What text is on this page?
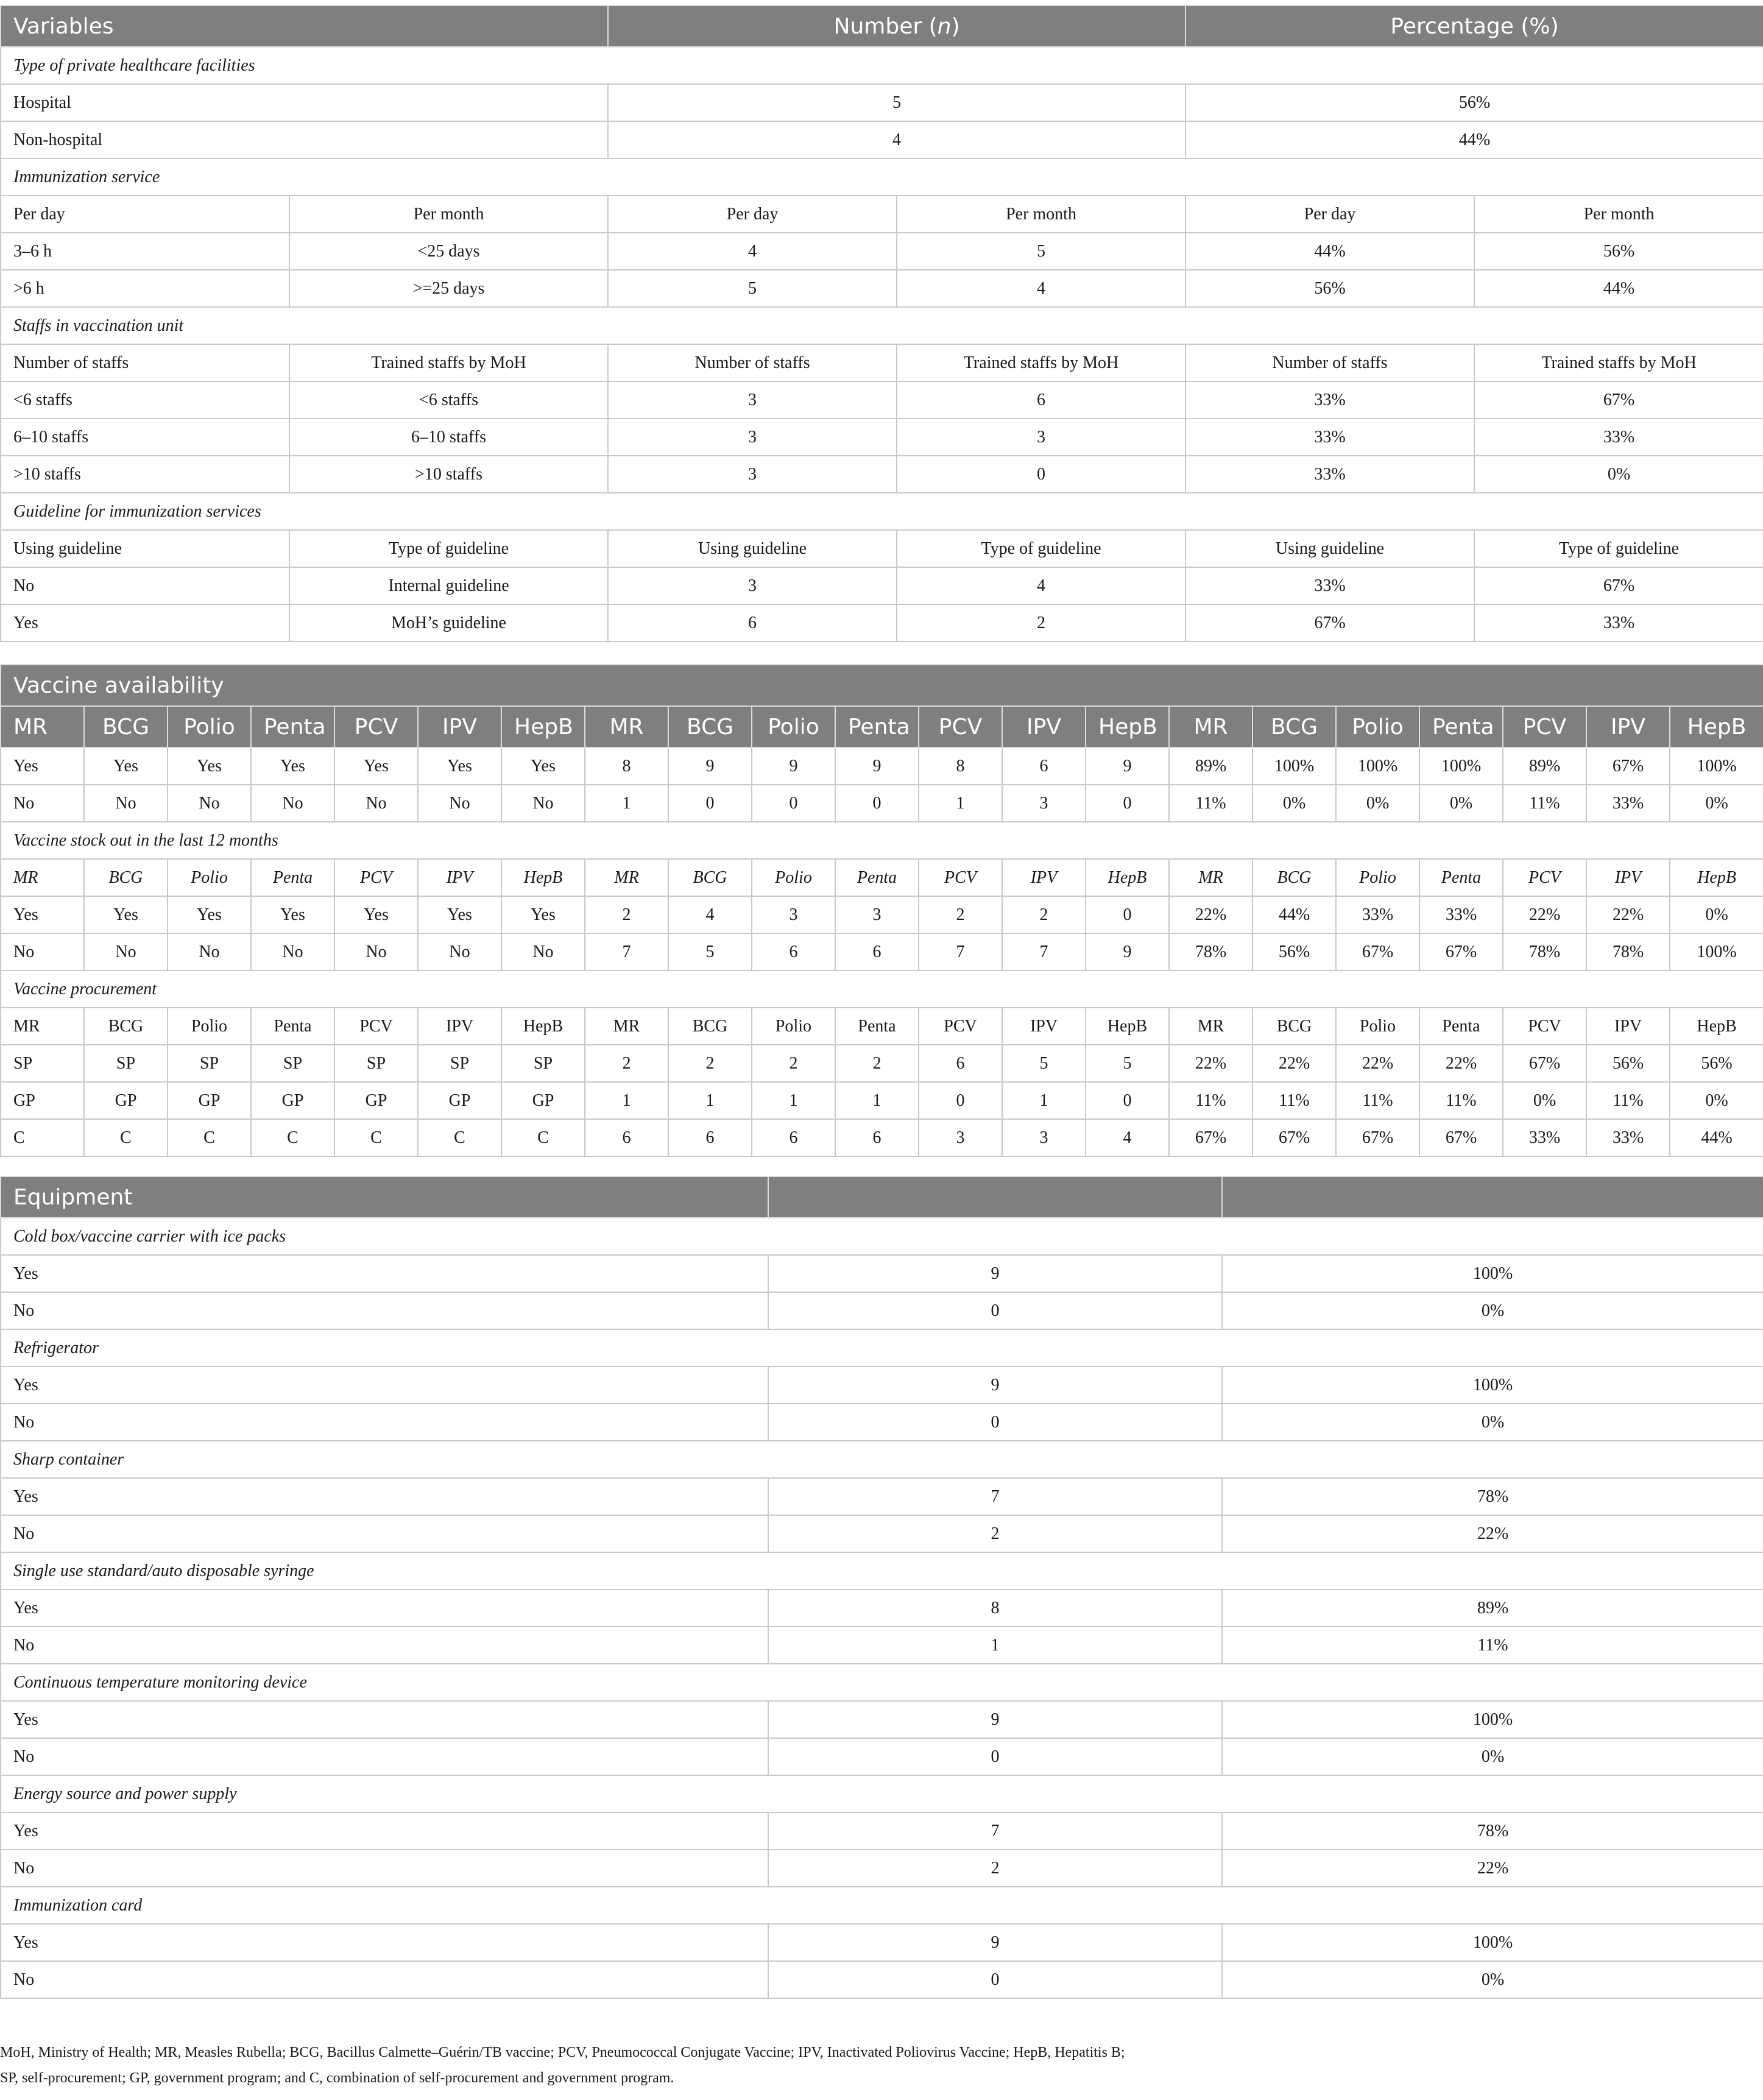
Variables		Number (n)		Percentage (%)	
Type of private healthcare facilities					
Hospital		5		56%	
Non-hospital		4		44%	
Immunization service					
Per day	Per month	Per day	Per month	Per day	Per month
3–6 h	<25 days	4	5	44%	56%
>6 h	>=25 days	5	4	56%	44%
Staffs in vaccination unit					
Number of staffs	Trained staffs by MoH	Number of staffs	Trained staffs by MoH	Number of staffs	Trained staffs by MoH
<6 staffs	<6 staffs	3	6	33%	67%
6–10 staffs	6–10 staffs	3	3	33%	33%
>10 staffs	>10 staffs	3	0	33%	0%
Guideline for immunization services					
Using guideline	Type of guideline	Using guideline	Type of guideline	Using guideline	Type of guideline
No	Internal guideline	3	4	33%	67%
Yes	MoH’s guideline	6	2	67%	33%
Vaccine availability																				
MR	BCG	Polio	Penta	PCV	IPV	HepB	MR	BCG	Polio	Penta	PCV	IPV	HepB	MR	BCG	Polio	Penta	PCV	IPV	HepB
Yes	Yes	Yes	Yes	Yes	Yes	Yes	8	9	9	9	8	6	9	89%	100%	100%	100%	89%	67%	100%
No	No	No	No	No	No	No	1	0	0	0	1	3	0	11%	0%	0%	0%	11%	33%	0%
Vaccine stock out in the last 12 months																				
MR	BCG	Polio	Penta	PCV	IPV	HepB	MR	BCG	Polio	Penta	PCV	IPV	HepB	MR	BCG	Polio	Penta	PCV	IPV	HepB
Yes	Yes	Yes	Yes	Yes	Yes	Yes	2	4	3	3	2	2	0	22%	44%	33%	33%	22%	22%	0%
No	No	No	No	No	No	No	7	5	6	6	7	7	9	78%	56%	67%	67%	78%	78%	100%
Vaccine procurement																				
MR	BCG	Polio	Penta	PCV	IPV	HepB	MR	BCG	Polio	Penta	PCV	IPV	HepB	MR	BCG	Polio	Penta	PCV	IPV	HepB
SP	SP	SP	SP	SP	SP	SP	2	2	2	2	6	5	5	22%	22%	22%	22%	67%	56%	56%
GP	GP	GP	GP	GP	GP	GP	1	1	1	1	0	1	0	11%	11%	11%	11%	0%	11%	0%
C	C	C	C	C	C	C	6	6	6	6	3	3	4	67%	67%	67%	67%	33%	33%	44%
Equipment		
Cold box/vaccine carrier with ice packs		
Yes	9	100%
No	0	0%
Refrigerator		
Yes	9	100%
No	0	0%
Sharp container		
Yes	7	78%
No	2	22%
Single use standard/auto disposable syringe		
Yes	8	89%
No	1	11%
Continuous temperature monitoring device		
Yes	9	100%
No	0	0%
Energy source and power supply		
Yes	7	78%
No	2	22%
Immunization card		
Yes	9	100%
No	0	0%

MoH, Ministry of Health; MR, Measles Rubella; BCG, Bacillus Calmette–Guérin/TB vaccine; PCV, Pneumococcal Conjugate Vaccine; IPV, Inactivated Poliovirus Vaccine; HepB, Hepatitis B;

SP, self-procurement; GP, government program; and C, combination of self-procurement and government program.
